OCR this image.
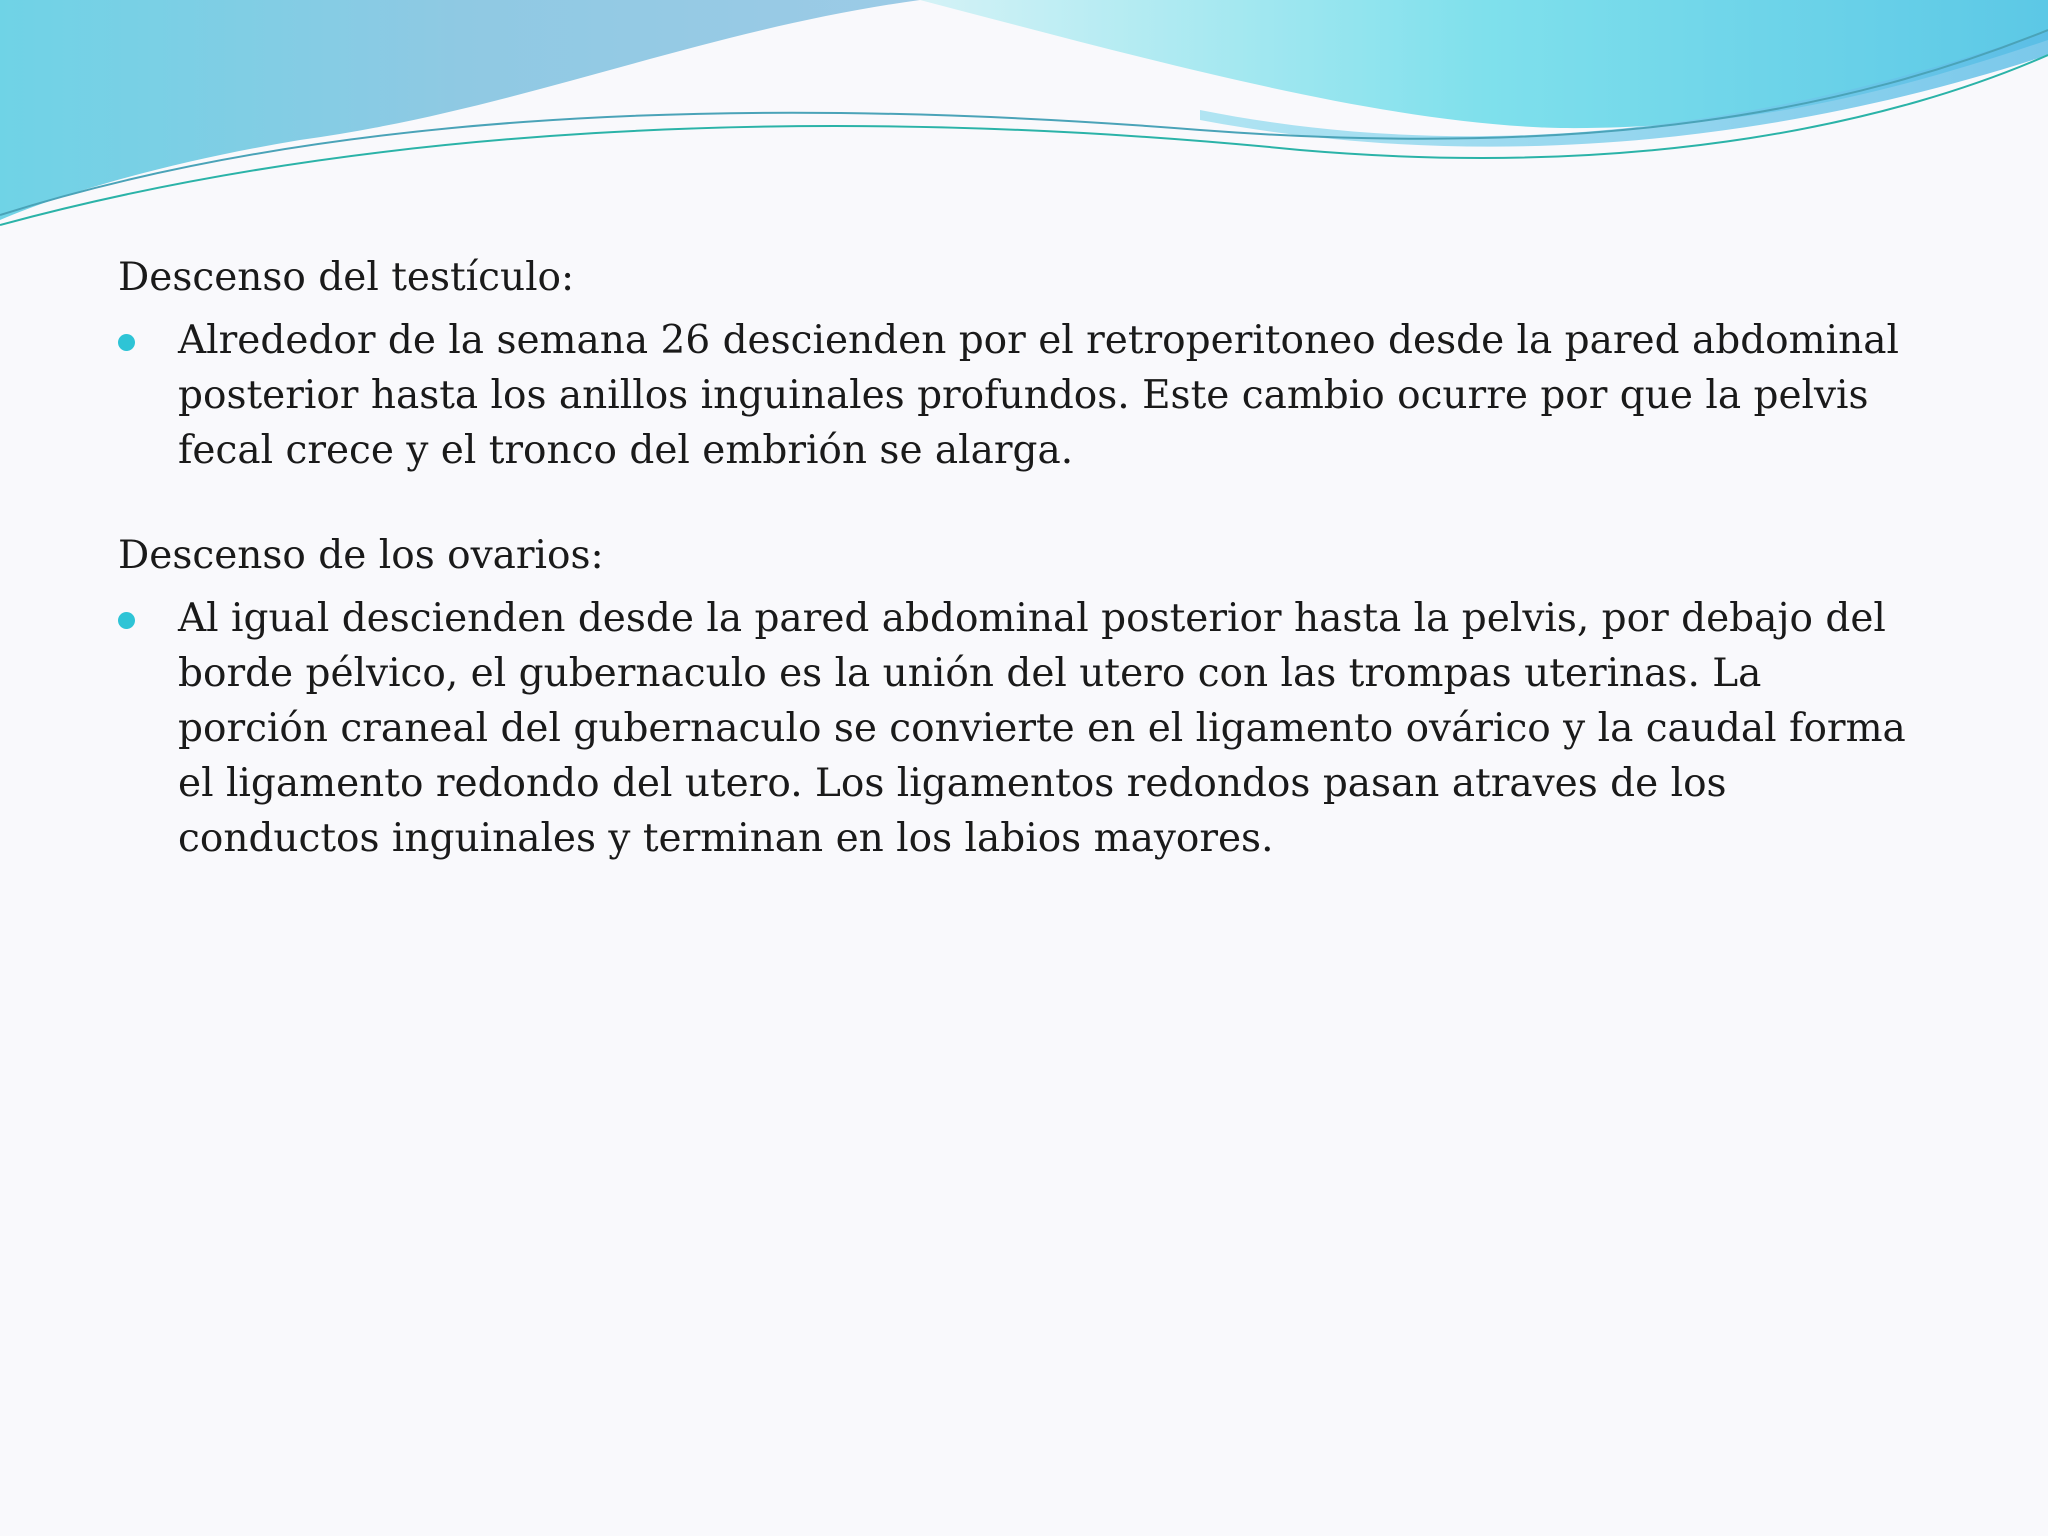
Descenso del testículo:

Alrededor de la semana 26 descienden por el retroperitoneo desde la pared abdominal posterior hasta los anillos inguinales profundos. Este cambio ocurre por que la pelvis fecal crece y el tronco del embrión se alarga.

Descenso de los ovarios:

Al igual descienden desde la pared abdominal posterior hasta la pelvis, por debajo del borde pélvico, el gubernaculo es la unión del utero con las trompas uterinas. La porción craneal del gubernaculo se convierte en el ligamento ovárico y la caudal forma el ligamento redondo del utero. Los ligamentos redondos pasan atraves de los conductos inguinales y terminan en los labios mayores.
